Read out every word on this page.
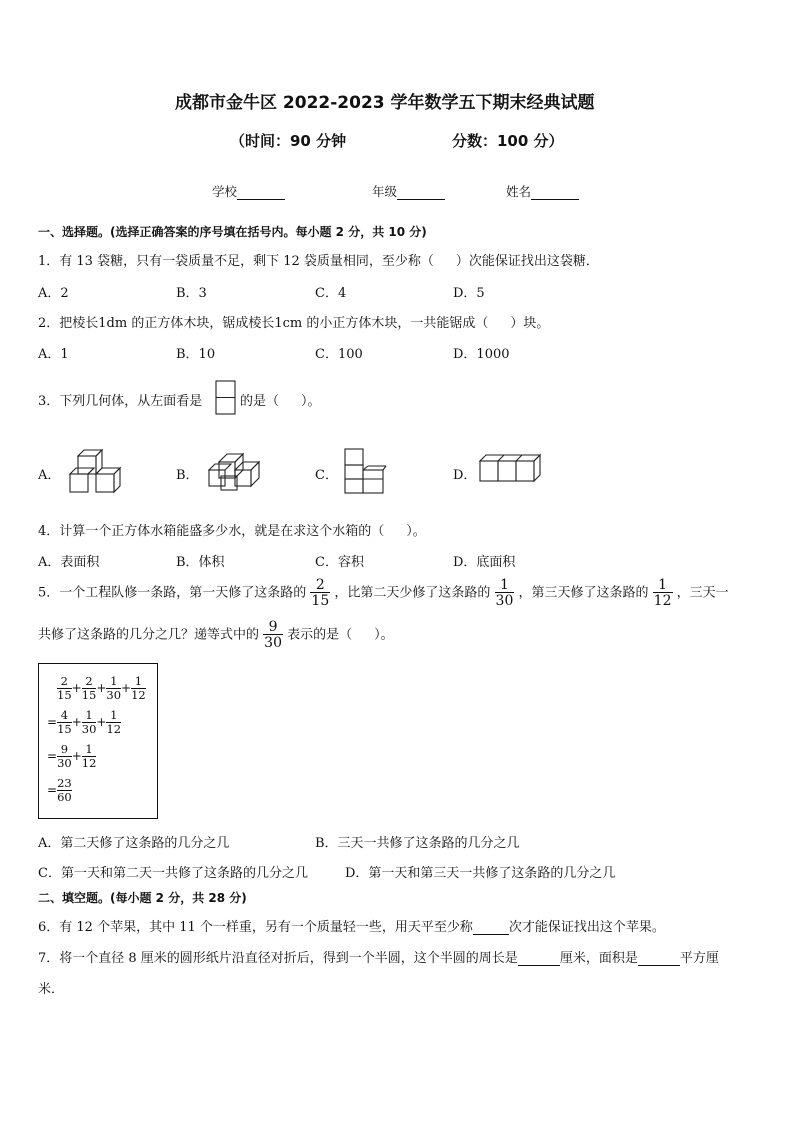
成都市金牛区 2022-2023 学年数学五下期末经典试题
（时间：90 分钟	分数：100 分）
学校	年级	姓名
一、选择题。(选择正确答案的序号填在括号内。每小题 2 分，共 10 分)
1．有 13 袋糖，只有一袋质量不足，剩下 12 袋质量相同，至少称（ ）次能保证找出这袋糖．
A．2	B．3	C．4	D．5
2．把棱长1dm 的正方体木块，锯成棱长1cm 的小正方体木块，一共能锯成（ ）块。
A．1	B．10	C．100	D．1000
3．下列几何体，从左面看是	的是（ ）。
A．	B．	C．	D．
4．计算一个正方体水箱能盛多少水，就是在求这个水箱的（ ）。
A．表面积	B．体积	C．容积	D．底面积
5．一个工程队修一条路，第一天修了这条路的 $\frac{2}{15}$ ，比第二天少修了这条路的 $\frac{1}{30}$ ，第三天修了这条路的 $\frac{1}{12}$ ，三天一
共修了这条路的几分之几？递等式中的 $\frac{9}{30}$ 表示的是（ ）。
$\frac{2}{15} + \frac{2}{15} + \frac{1}{30} + \frac{1}{12}$
= $\frac{4}{15} + \frac{1}{30} + \frac{1}{12}$
= $\frac{9}{30} + \frac{1}{12}$
= $\frac{23}{60}$
A．第二天修了这条路的几分之几	B．三天一共修了这条路的几分之几
C．第一天和第二天一共修了这条路的几分之几	D．第一天和第三天一共修了这条路的几分之几
二、填空题。(每小题 2 分，共 28 分)
6．有 12 个苹果，其中 11 个一样重，另有一个质量轻一些，用天平至少称	次才能保证找出这个苹果。
7．将一个直径 8 厘米的圆形纸片沿直径对折后，得到一个半圆，这个半圆的周长是	厘米，面积是	平方厘
米．
